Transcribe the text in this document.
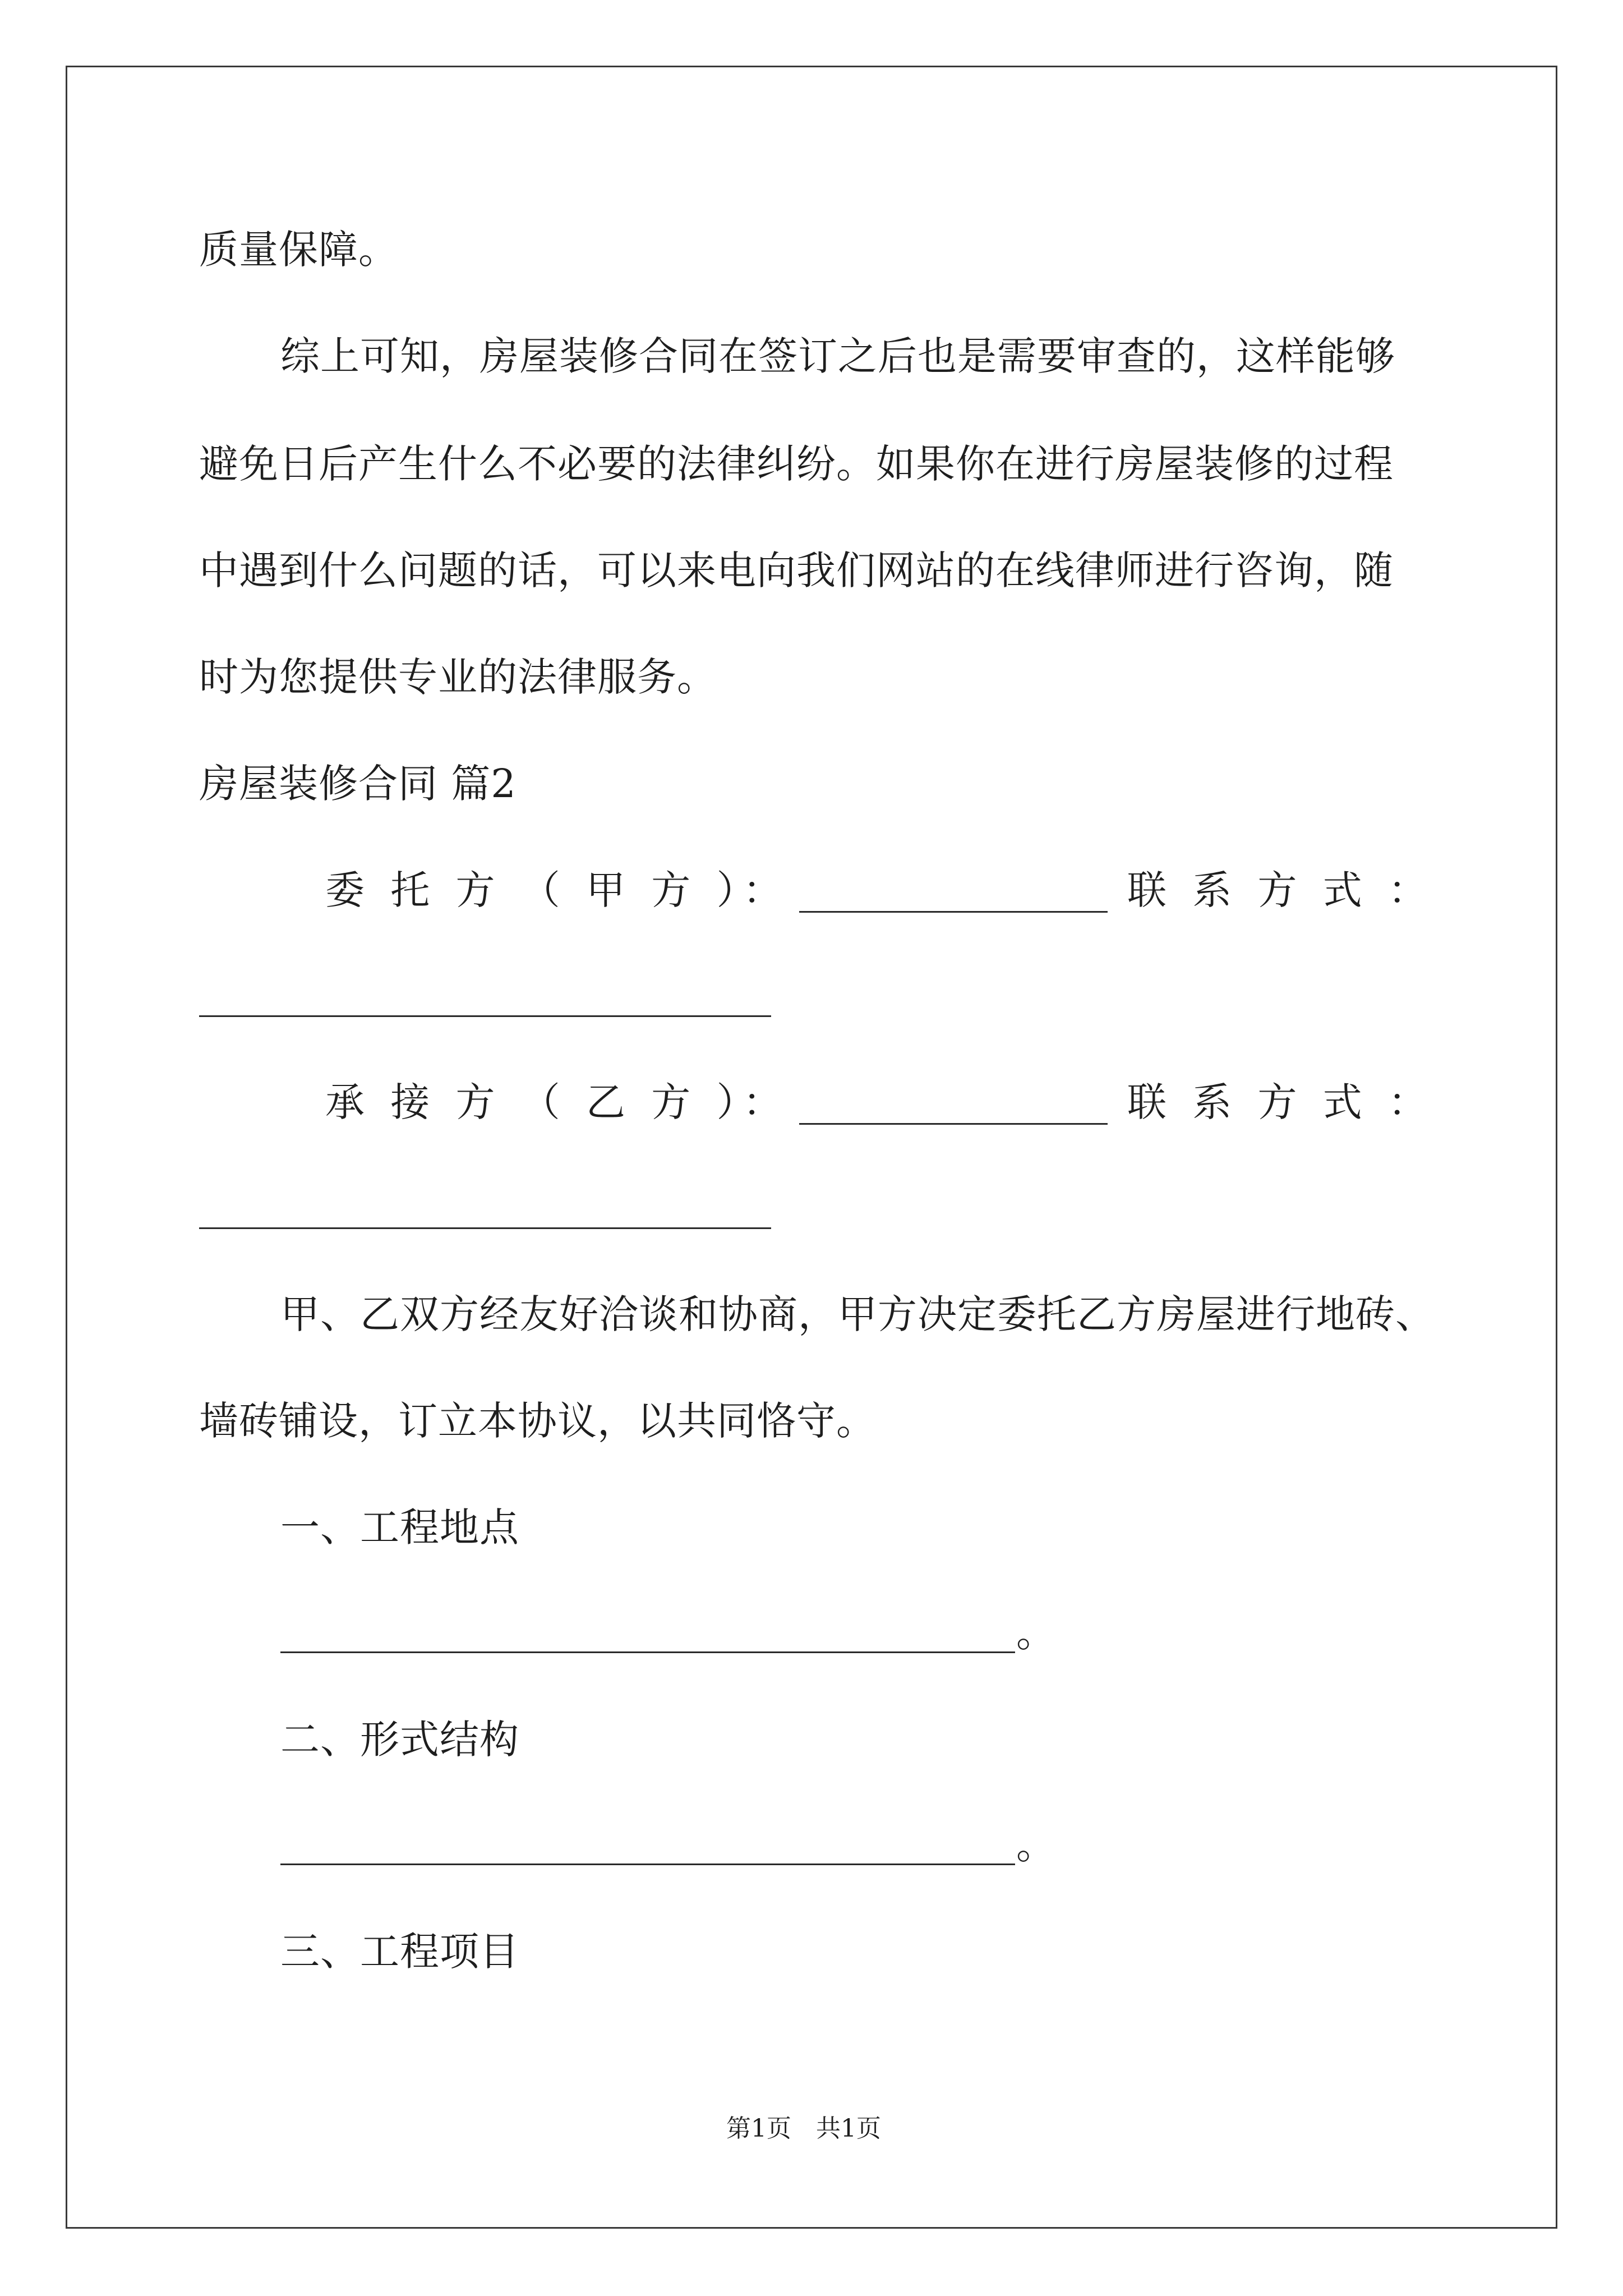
质量保障。
综上可知，房屋装修合同在签订之后也是需要审查的，这样能够
避免日后产生什么不必要的法律纠纷。如果你在进行房屋装修的过程
中遇到什么问题的话，可以来电向我们网站的在线律师进行咨询，随
时为您提供专业的法律服务。
房屋装修合同 篇2
委 托 方 （ 甲 方 ）：	联 系 方 式 ：
承 接 方 （ 乙 方 ）：	联 系 方 式 ：
甲、乙双方经友好洽谈和协商，甲方决定委托乙方房屋进行地砖、
墙砖铺设，订立本协议，以共同恪守。
一、工程地点
。
二、形式结构
。
三、工程项目
第1页　共1页
